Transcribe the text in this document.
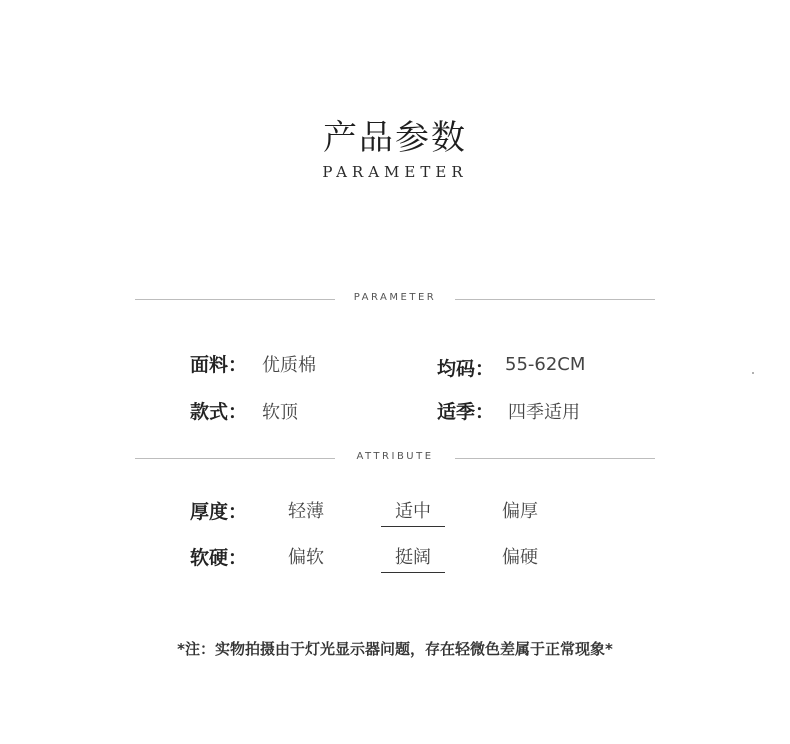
产品参数
PARAMETER
PARAMETER
面料： 优质棉	均码： 55-62CM
款式： 软顶	适季： 四季适用
ATTRIBUTE
厚度：	轻薄	适中	偏厚
软硬：	偏软	挺阔	偏硬
*注：实物拍摄由于灯光显示器问题，存在轻微色差属于正常现象*
